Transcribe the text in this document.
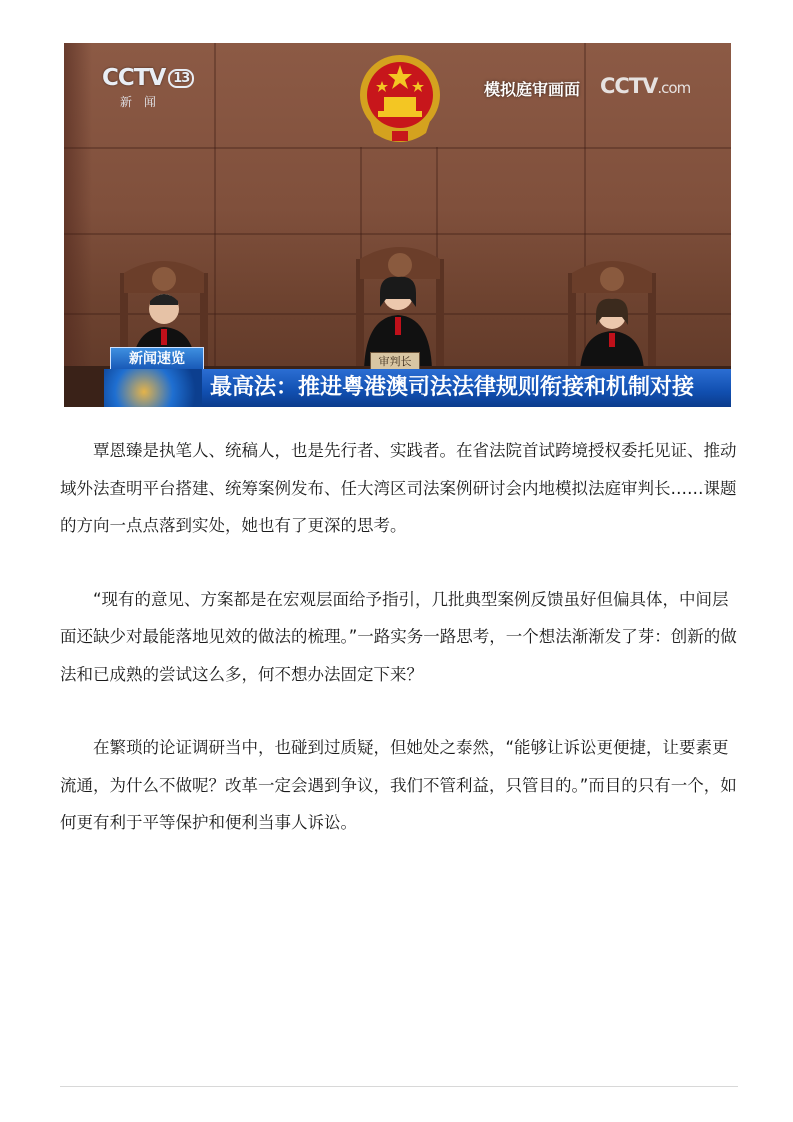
CCTV 13
新 闻
模拟庭审画面 CCTV.com
审判长
新闻速览
最高法：推进粤港澳司法法律规则衔接和机制对接

覃恩臻是执笔人、统稿人，也是先行者、实践者。在省法院首试跨境授权委托见证、推动域外法查明平台搭建、统筹案例发布、任大湾区司法案例研讨会内地模拟法庭审判长……课题的方向一点点落到实处，她也有了更深的思考。

“现有的意见、方案都是在宏观层面给予指引，几批典型案例反馈虽好但偏具体，中间层面还缺少对最能落地见效的做法的梳理。”一路实务一路思考，一个想法渐渐发了芽：创新的做法和已成熟的尝试这么多，何不想办法固定下来？

在繁琐的论证调研当中，也碰到过质疑，但她处之泰然，“能够让诉讼更便捷，让要素更流通，为什么不做呢？改革一定会遇到争议，我们不管利益，只管目的。”而目的只有一个，如何更有利于平等保护和便利当事人诉讼。
